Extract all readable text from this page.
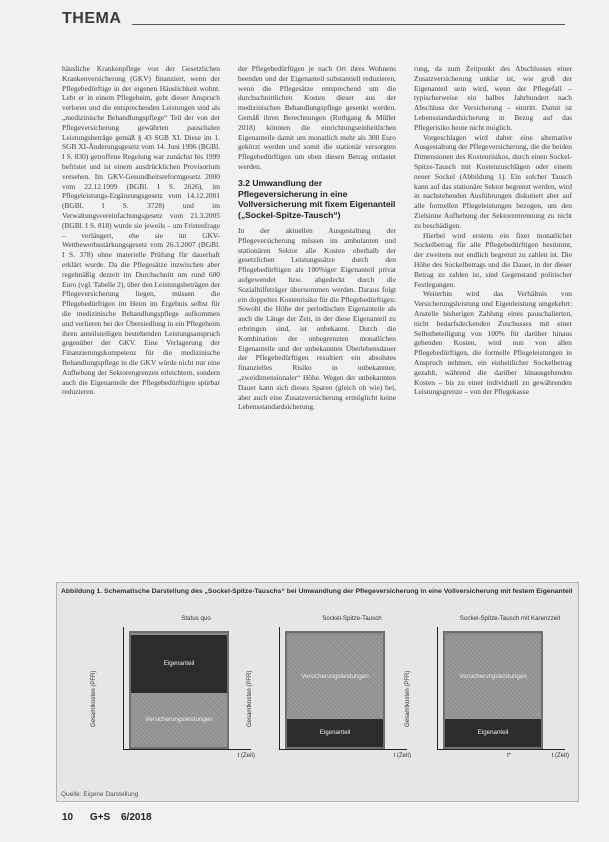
THEMA

häusliche Krankenpflege von der Gesetzlichen Krankenversicherung (GKV) finanziert, wenn der Pflegebedürftige in der eigenen Häuslichkeit wohnt. Lebt er in einem Pflegeheim, geht dieser Anspruch verloren und die entsprechenden Leistungen sind als „medizinische Behandlungspflege“ Teil der von der Pflegeversicherung gewährten pauschalen Leistungsbeträge gemäß § 43 SGB XI. Diese im 1. SGB XI-Änderungsgesetz vom 14. Juni 1996 (BGBl. I S. 830) getroffene Regelung war zunächst bis 1999 befristet und ist einem ausdrücklichen Provisorium versehen. Im GKV-Gesundheitsreformgesetz 2000 vom 22.12.1999 (BGBl. I S. 2626), im Pflegeleistungs-Ergänzungsgesetz vom 14.12.2001 (BGBl. I S. 3728) und im Verwaltungsvereinfachungsgesetz vom 21.3.2005 (BGBl. I S. 818) wurde sie jeweils – um Fristenfrage – verlängert, ehe sie im GKV-Wettbewerbsstärkungsgesetz vom 26.3.2007 (BGBl. I S. 378) ohne materielle Prüfung für dauerhaft erklärt wurde. Da die Pflegesätze inzwischen aber regelmäßig derzeit im Durchschnitt um rund 600 Euro (vgl. Tabelle 2), über den Leistungsbeträgen der Pflegeversicherung liegen, müssen die Pflegebedürftigen im Heim im Ergebnis selbst für die medizinische Behandlungspflege aufkommen und verlieren bei der Übersiedlung in ein Pflegeheim ihren anteilsteiligen bestehenden Leistungsanspruch gegenüber der GKV. Eine Verlagerung der Finanzierungskompetenz für die medizinische Behandlungspflege in die GKV würde nicht nur eine Aufhebung der Sektorengrenzen erleichtern, sondern auch die Eigenanteile der Pflegebedürftigen spürbar reduzieren.

der Pflegebedürftigen je nach Ort ihres Wohnens beenden und der Eigenanteil substantiell reduzieren, wenn die Pflegesätze entsprechend um die durchschnittlichen Kosten dieser aus der medizinischen Behandlungspflege gesenkt werden. Gemäß ihren Berechnungen (Rothgang & Müller 2018) könnten die einrichtungseinheitlichen Eigenanteile damit um monatlich mehr als 300 Euro gekürzt werden und somit die stationär versorgten Pflegebedürftigen um eben diesen Betrag entlastet werden.

3.2 Umwandlung der Pflegeversicherung in eine Vollversicherung mit fixem Eigenanteil („Sockel-Spitze-Tausch“)

In der aktuellen Ausgestaltung der Pflegeversicherung müssen im ambulanten und stationären Sektor alle Kosten oberhalb der gesetzlichen Leistungssätze durch den Pflegebedürftigen als 100%iger Eigenanteil privat aufgewendet bzw. abgedeckt durch die Sozialhilfeträger übernommen werden. Daraus folgt ein doppeltes Kostenrisiko für die Pflegebedürftigen: Sowohl die Höhe der periodischen Eigenanteile als auch die Länge der Zeit, in der diese Eigenanteil zu erbringen sind, ist unbekannt. Durch die Kombination der unbegrenzten monatlichen Eigenanteile und der unbekannten Überlebensdauer der Pflegebedürftigen resultiert ein absolutes finanzielles Risiko in unbekannter, „zweidimensionaler“ Höhe. Wegen der unbekannten Dauer kann sich dieses Sparen (gleich ob wie) bei, aber auch eine Zusatzversicherung ermöglicht keine Lebensstandardsicherung.

rung, da zum Zeitpunkt des Abschlusses einer Zusatzversicherung unklar ist, wie groß der Eigenanteil sein wird, wenn der Pflegefall – typischerweise ein halbes Jahrhundert nach Abschluss der Versicherung – eintritt. Damit ist Lebensstandardsicherung in Bezug auf das Pflegerisiko heute nicht möglich.

Vorgeschlagen wird daher eine alternative Ausgestaltung der Pflegeversicherung, die die beiden Dimensionen des Kostenrisikos, durch einen Sockel-Spitze-Tausch mit Kostenzuschlägen oder einem neuer Sockel (Abbildung 1). Ein solcher Tausch kann auf das stationäre Sektor begrenzt werden, wird in nachstehenden Ausführungen diskutiert aber auf alle formellen Pflegeleistungen bezogen, um den Zielsinne Aufhebung der Sektorentrennung zu nicht zu beschädigen.

Hierbei wird erstens ein fixer monatlicher Sockelbetrag für alle Pflegebedürftigen bestimmt, der zweitens nur endlich begrenzt zu zahlen ist. Die Höhe des Sockelbetrags und die Dauer, in der dieser Betrag zu zahlen ist, sind Gegenstand politischer Festlegungen.

Weiterhin wird das Verhältnis von Versicherungsleistung und Eigenleistung umgekehrt: Anstelle bisherigen Zahlung eines pauschalierten, nicht bedarfsdeckenden Zuschusses mit einer Selbstbeteiligung von 100% für darüber hinaus gehenden Kosten, wird nun von allen Pflegebedürftigen, die formelle Pflegeleistungen in Anspruch nehmen, ein einheitlicher Sockelbetrag gezahlt, während die darüber hinausgehenden Kosten – bis zu einer individuell zu gewährenden Leistungsgrenze – von der Pflegekasse

Abbildung 1. Schematische Darstellung des „Sockel-Spitze-Tauschs“ bei Umwandlung der Pflegeversicherung in eine Vollversicherung mit festem Eigenanteil
Status quo
Gesamtkosten (PFR)
Eigenanteil
Versicherungsleistungen
t (Zeit)
Sockel-Spitze-Tausch
Gesamtkosten (PFR)	Versicherungsleistungen
Eigenanteil
t (Zeit)
Sockel-Spitze-Tausch mit Karenzzeit
Gesamtkosten (PFR)	Versicherungsleistungen
Eigenanteil
t*	t (Zeit)
Quelle: Eigene Darstellung
10 G+S 6/2018
